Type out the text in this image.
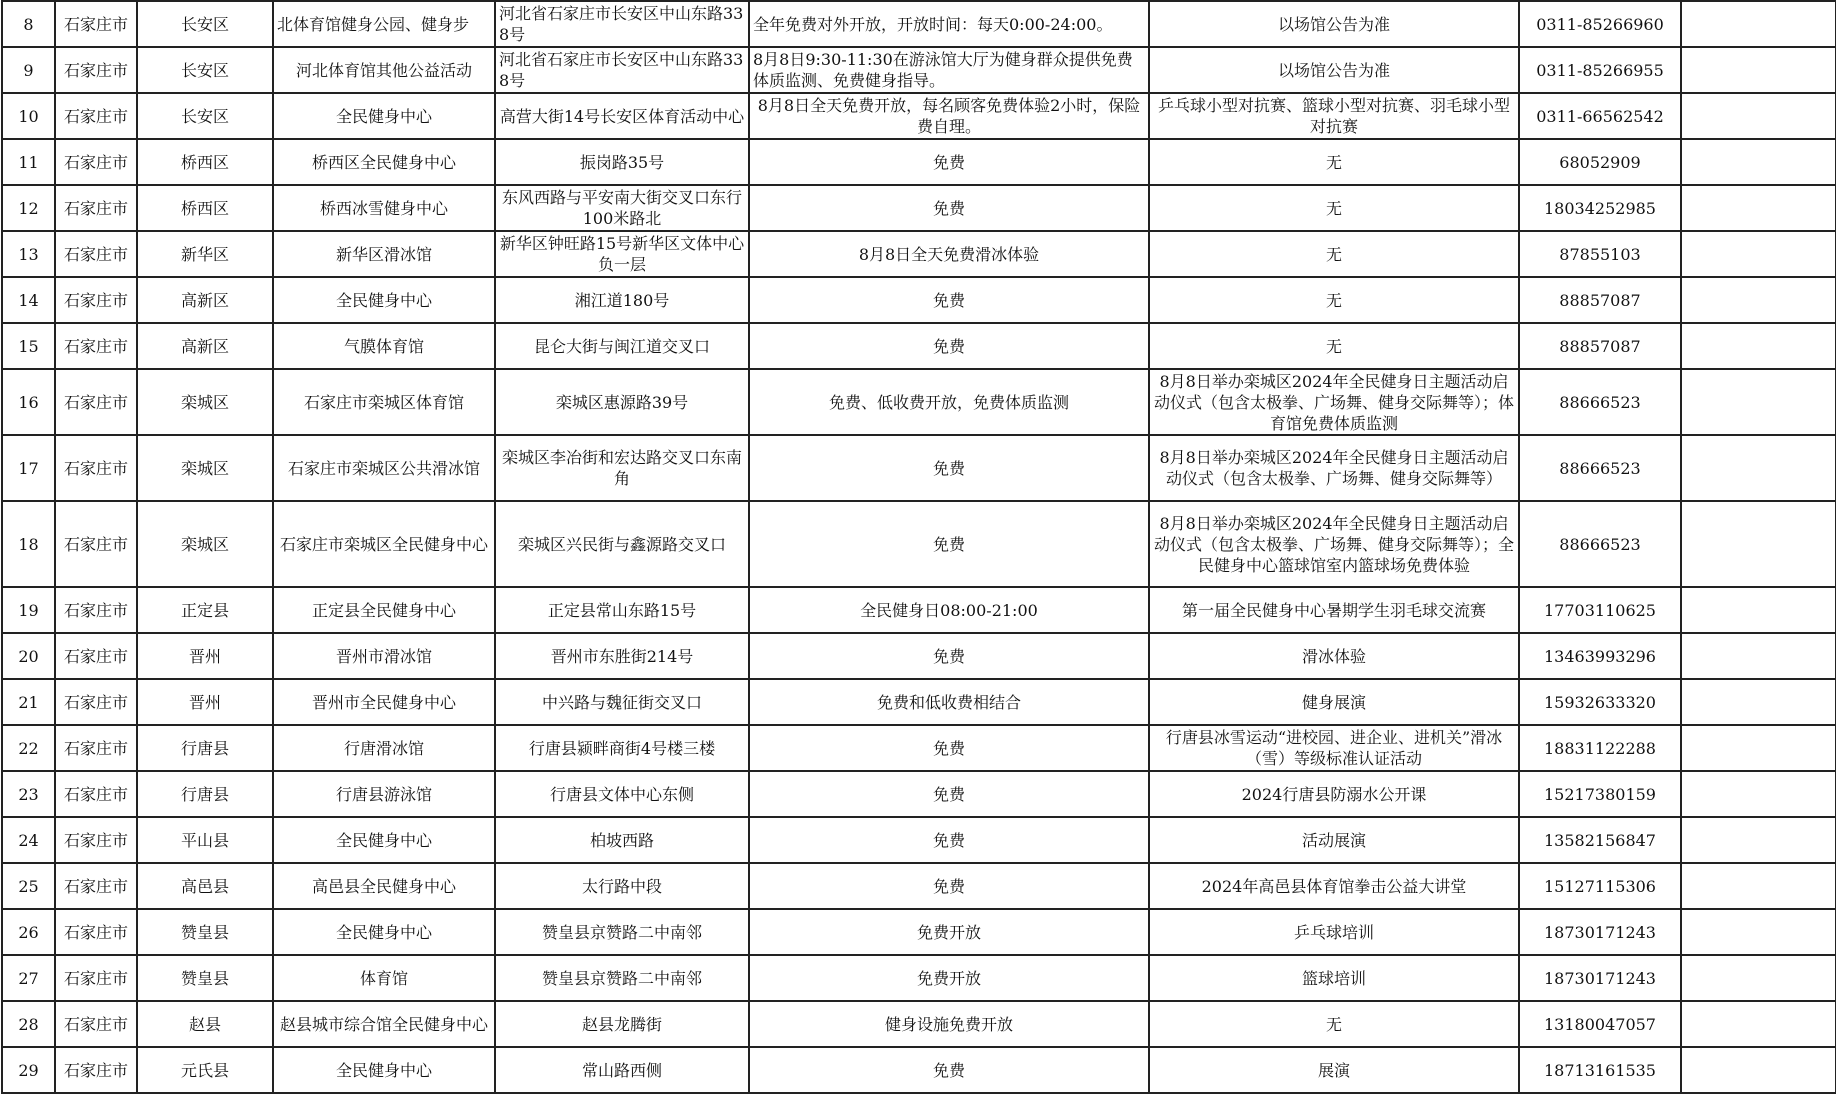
8	石家庄市	长安区	北体育馆健身公园、健身步	河北省石家庄市长安区中山东路338号	全年免费对外开放，开放时间：每天0:00-24:00。	以场馆公告为准	0311-85266960	
9	石家庄市	长安区	河北体育馆其他公益活动	河北省石家庄市长安区中山东路338号	8月8日9:30-11:30在游泳馆大厅为健身群众提供免费体质监测、免费健身指导。	以场馆公告为准	0311-85266955	
10	石家庄市	长安区	全民健身中心	高营大街14号长安区体育活动中心	8月8日全天免费开放，每名顾客免费体验2小时，保险费自理。	乒乓球小型对抗赛、篮球小型对抗赛、羽毛球小型对抗赛	0311-66562542	
11	石家庄市	桥西区	桥西区全民健身中心	振岗路35号	免费	无	68052909	
12	石家庄市	桥西区	桥西冰雪健身中心	东风西路与平安南大街交叉口东行100米路北	免费	无	18034252985	
13	石家庄市	新华区	新华区滑冰馆	新华区钟旺路15号新华区文体中心负一层	8月8日全天免费滑冰体验	无	87855103	
14	石家庄市	高新区	全民健身中心	湘江道180号	免费	无	88857087	
15	石家庄市	高新区	气膜体育馆	昆仑大街与闽江道交叉口	免费	无	88857087	
16	石家庄市	栾城区	石家庄市栾城区体育馆	栾城区惠源路39号	免费、低收费开放，免费体质监测	8月8日举办栾城区2024年全民健身日主题活动启动仪式（包含太极拳、广场舞、健身交际舞等）；体育馆免费体质监测	88666523	
17	石家庄市	栾城区	石家庄市栾城区公共滑冰馆	栾城区李冶街和宏达路交叉口东南角	免费	8月8日举办栾城区2024年全民健身日主题活动启动仪式（包含太极拳、广场舞、健身交际舞等）	88666523	
18	石家庄市	栾城区	石家庄市栾城区全民健身中心	栾城区兴民街与鑫源路交叉口	免费	8月8日举办栾城区2024年全民健身日主题活动启动仪式（包含太极拳、广场舞、健身交际舞等）；全民健身中心篮球馆室内篮球场免费体验	88666523	
19	石家庄市	正定县	正定县全民健身中心	正定县常山东路15号	全民健身日08:00-21:00	第一届全民健身中心暑期学生羽毛球交流赛	17703110625	
20	石家庄市	晋州	晋州市滑冰馆	晋州市东胜街214号	免费	滑冰体验	13463993296	
21	石家庄市	晋州	晋州市全民健身中心	中兴路与魏征街交叉口	免费和低收费相结合	健身展演	15932633320	
22	石家庄市	行唐县	行唐滑冰馆	行唐县颍畔商街4号楼三楼	免费	行唐县冰雪运动“进校园、进企业、进机关”滑冰（雪）等级标准认证活动	18831122288	
23	石家庄市	行唐县	行唐县游泳馆	行唐县文体中心东侧	免费	2024行唐县防溺水公开课	15217380159	
24	石家庄市	平山县	全民健身中心	柏坡西路	免费	活动展演	13582156847	
25	石家庄市	高邑县	高邑县全民健身中心	太行路中段	免费	2024年高邑县体育馆拳击公益大讲堂	15127115306	
26	石家庄市	赞皇县	全民健身中心	赞皇县京赞路二中南邻	免费开放	乒乓球培训	18730171243	
27	石家庄市	赞皇县	体育馆	赞皇县京赞路二中南邻	免费开放	篮球培训	18730171243	
28	石家庄市	赵县	赵县城市综合馆全民健身中心	赵县龙腾街	健身设施免费开放	无	13180047057	
29	石家庄市	元氏县	全民健身中心	常山路西侧	免费	展演	18713161535	
